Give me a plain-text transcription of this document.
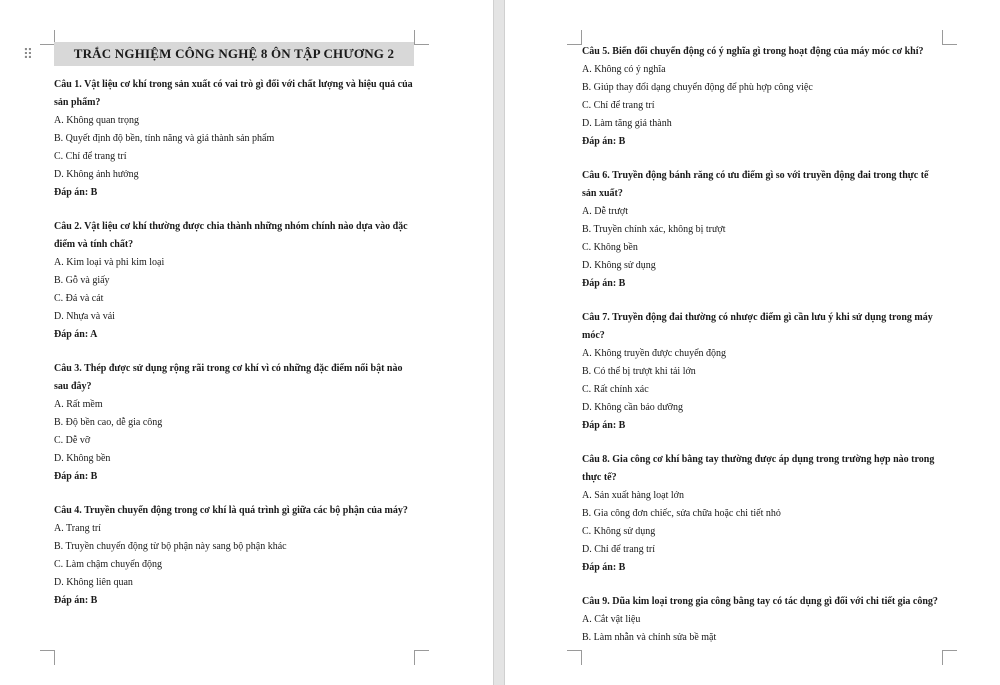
⠿	TRẮC NGHIỆM CÔNG NGHỆ 8 ÔN TẬP CHƯƠNG 2

Câu 1. Vật liệu cơ khí trong sản xuất có vai trò gì đối với chất lượng và hiệu quả của sản phẩm?

A. Không quan trọng

B. Quyết định độ bền, tính năng và giá thành sản phẩm

C. Chỉ để trang trí

D. Không ảnh hưởng

Đáp án: B

Câu 2. Vật liệu cơ khí thường được chia thành những nhóm chính nào dựa vào đặc điểm và tính chất?

A. Kim loại và phi kim loại

B. Gỗ và giấy

C. Đá và cát

D. Nhựa và vải

Đáp án: A

Câu 3. Thép được sử dụng rộng rãi trong cơ khí vì có những đặc điểm nổi bật nào sau đây?

A. Rất mềm

B. Độ bền cao, dễ gia công

C. Dễ vỡ

D. Không bền

Đáp án: B

Câu 4. Truyền chuyển động trong cơ khí là quá trình gì giữa các bộ phận của máy?

A. Trang trí

B. Truyền chuyển động từ bộ phận này sang bộ phận khác

C. Làm chậm chuyển động

D. Không liên quan

Đáp án: B

Câu 5. Biến đổi chuyển động có ý nghĩa gì trong hoạt động của máy móc cơ khí?

A. Không có ý nghĩa

B. Giúp thay đổi dạng chuyển động để phù hợp công việc

C. Chỉ để trang trí

D. Làm tăng giá thành

Đáp án: B

Câu 6. Truyền động bánh răng có ưu điểm gì so với truyền động đai trong thực tế sản xuất?

A. Dễ trượt

B. Truyền chính xác, không bị trượt

C. Không bền

D. Không sử dụng

Đáp án: B

Câu 7. Truyền động đai thường có nhược điểm gì cần lưu ý khi sử dụng trong máy móc?

A. Không truyền được chuyển động

B. Có thể bị trượt khi tải lớn

C. Rất chính xác

D. Không cần bảo dưỡng

Đáp án: B

Câu 8. Gia công cơ khí bằng tay thường được áp dụng trong trường hợp nào trong thực tế?

A. Sản xuất hàng loạt lớn

B. Gia công đơn chiếc, sửa chữa hoặc chi tiết nhỏ

C. Không sử dụng

D. Chỉ để trang trí

Đáp án: B

Câu 9. Dũa kim loại trong gia công bằng tay có tác dụng gì đối với chi tiết gia công?

A. Cắt vật liệu

B. Làm nhẵn và chỉnh sửa bề mặt
